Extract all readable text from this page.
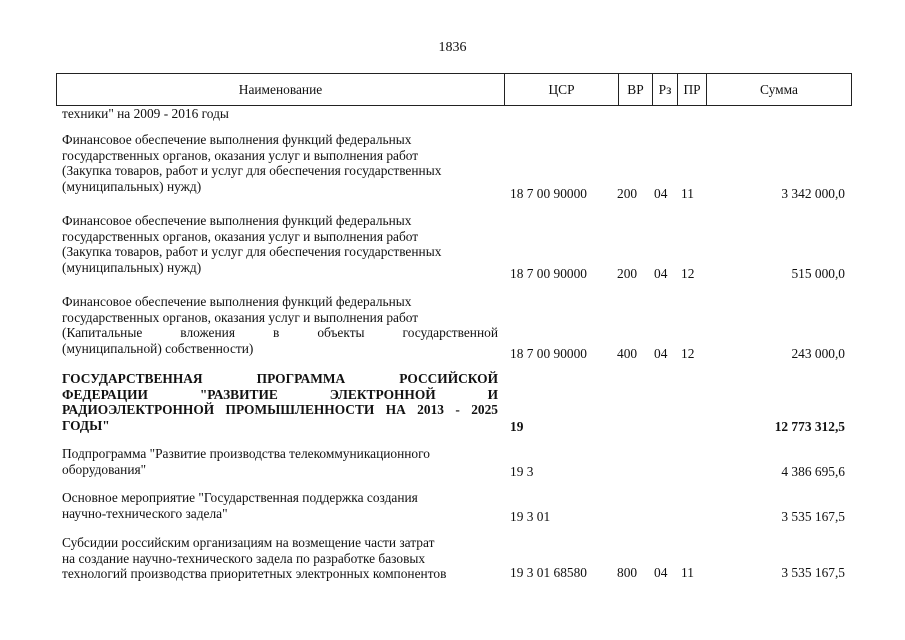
1836
Наименование	ЦСР	ВР	Рз ПР	Сумма
техники" на 2009 - 2016 годы
Финансовое обеспечение выполнения функций федеральных
государственных органов, оказания услуг и выполнения работ
(Закупка товаров, работ и услуг для обеспечения государственных
(муниципальных) нужд)	18 7 00 90000 200	04 11	3 342 000,0
Финансовое обеспечение выполнения функций федеральных
государственных органов, оказания услуг и выполнения работ
(Закупка товаров, работ и услуг для обеспечения государственных
(муниципальных) нужд)	18 7 00 90000 200	04 12	515 000,0
Финансовое обеспечение выполнения функций федеральных
государственных органов, оказания услуг и выполнения работ
(Капитальные вложения в объекты государственной
(муниципальной) собственности)	18 7 00 90000 400	04 12	243 000,0
ГОСУДАРСТВЕННАЯ ПРОГРАММА РОССИЙСКОЙ
ФЕДЕРАЦИИ "РАЗВИТИЕ ЭЛЕКТРОННОЙ И
РАДИОЭЛЕКТРОННОЙ ПРОМЫШЛЕННОСТИ НА 2013 - 2025
ГОДЫ"	19	12 773 312,5
Подпрограмма "Развитие производства телекоммуникационного
оборудования"	19 3	4 386 695,6
Основное мероприятие "Государственная поддержка создания
научно-технического задела"	19 3 01	3 535 167,5
Субсидии российским организациям на возмещение части затрат
на создание научно-технического задела по разработке базовых
технологий производства приоритетных электронных компонентов	19 3 01 68580 800	04 11	3 535 167,5
